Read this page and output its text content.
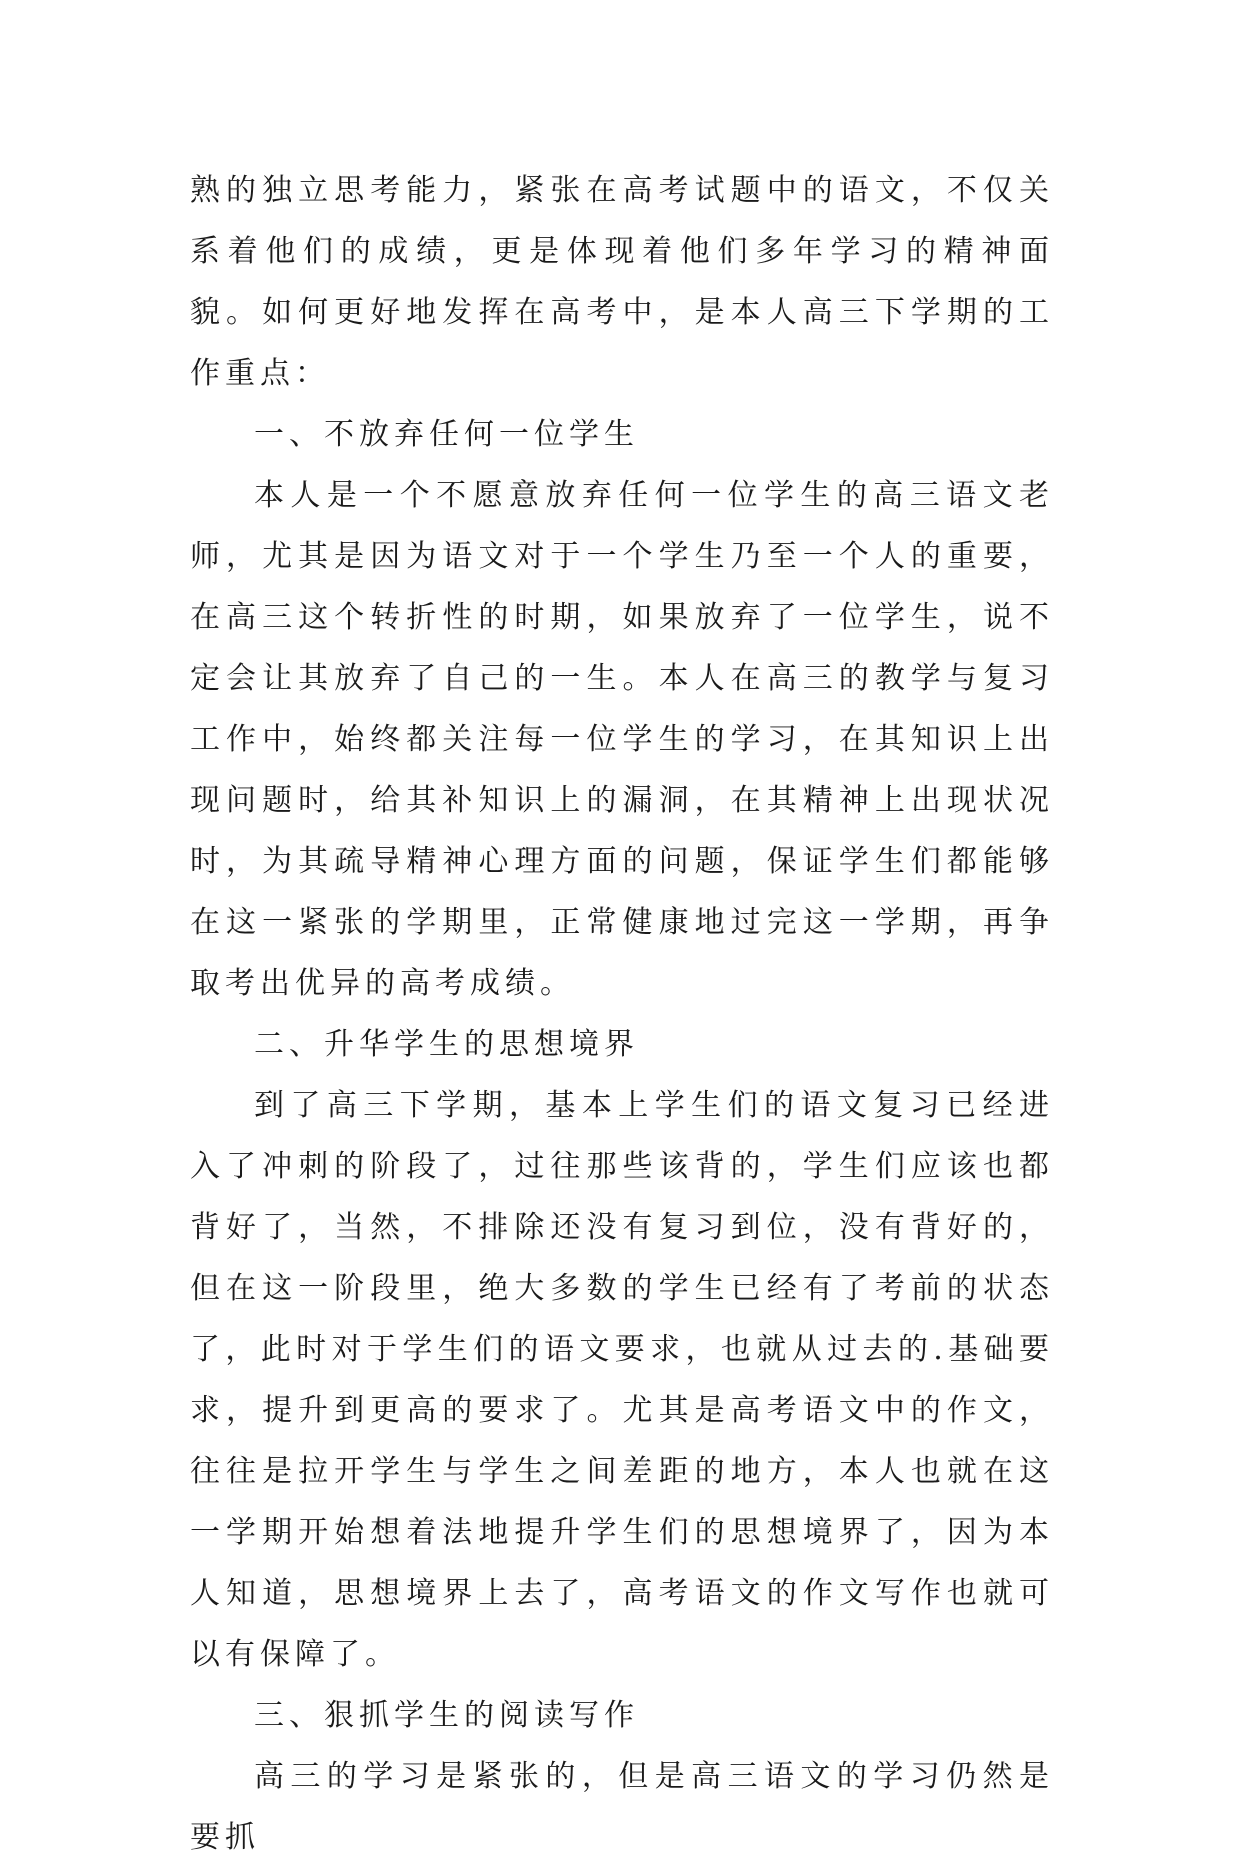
熟的独立思考能力，紧张在高考试题中的语文，不仅关系着他们的成绩，更是体现着他们多年学习的精神面貌。如何更好地发挥在高考中，是本人高三下学期的工作重点：

一、不放弃任何一位学生

本人是一个不愿意放弃任何一位学生的高三语文老师，尤其是因为语文对于一个学生乃至一个人的重要，在高三这个转折性的时期，如果放弃了一位学生，说不定会让其放弃了自己的一生。本人在高三的教学与复习工作中，始终都关注每一位学生的学习，在其知识上出现问题时，给其补知识上的漏洞，在其精神上出现状况时，为其疏导精神心理方面的问题，保证学生们都能够在这一紧张的学期里，正常健康地过完这一学期，再争取考出优异的高考成绩。

二、升华学生的思想境界

到了高三下学期，基本上学生们的语文复习已经进入了冲刺的阶段了，过往那些该背的，学生们应该也都背好了，当然，不排除还没有复习到位，没有背好的，但在这一阶段里，绝大多数的学生已经有了考前的状态了，此时对于学生们的语文要求，也就从过去的.基础要求，提升到更高的要求了。尤其是高考语文中的作文，往往是拉开学生与学生之间差距的地方，本人也就在这一学期开始想着法地提升学生们的思想境界了，因为本人知道，思想境界上去了，高考语文的作文写作也就可以有保障了。

三、狠抓学生的阅读写作

高三的学习是紧张的，但是高三语文的学习仍然是要抓
